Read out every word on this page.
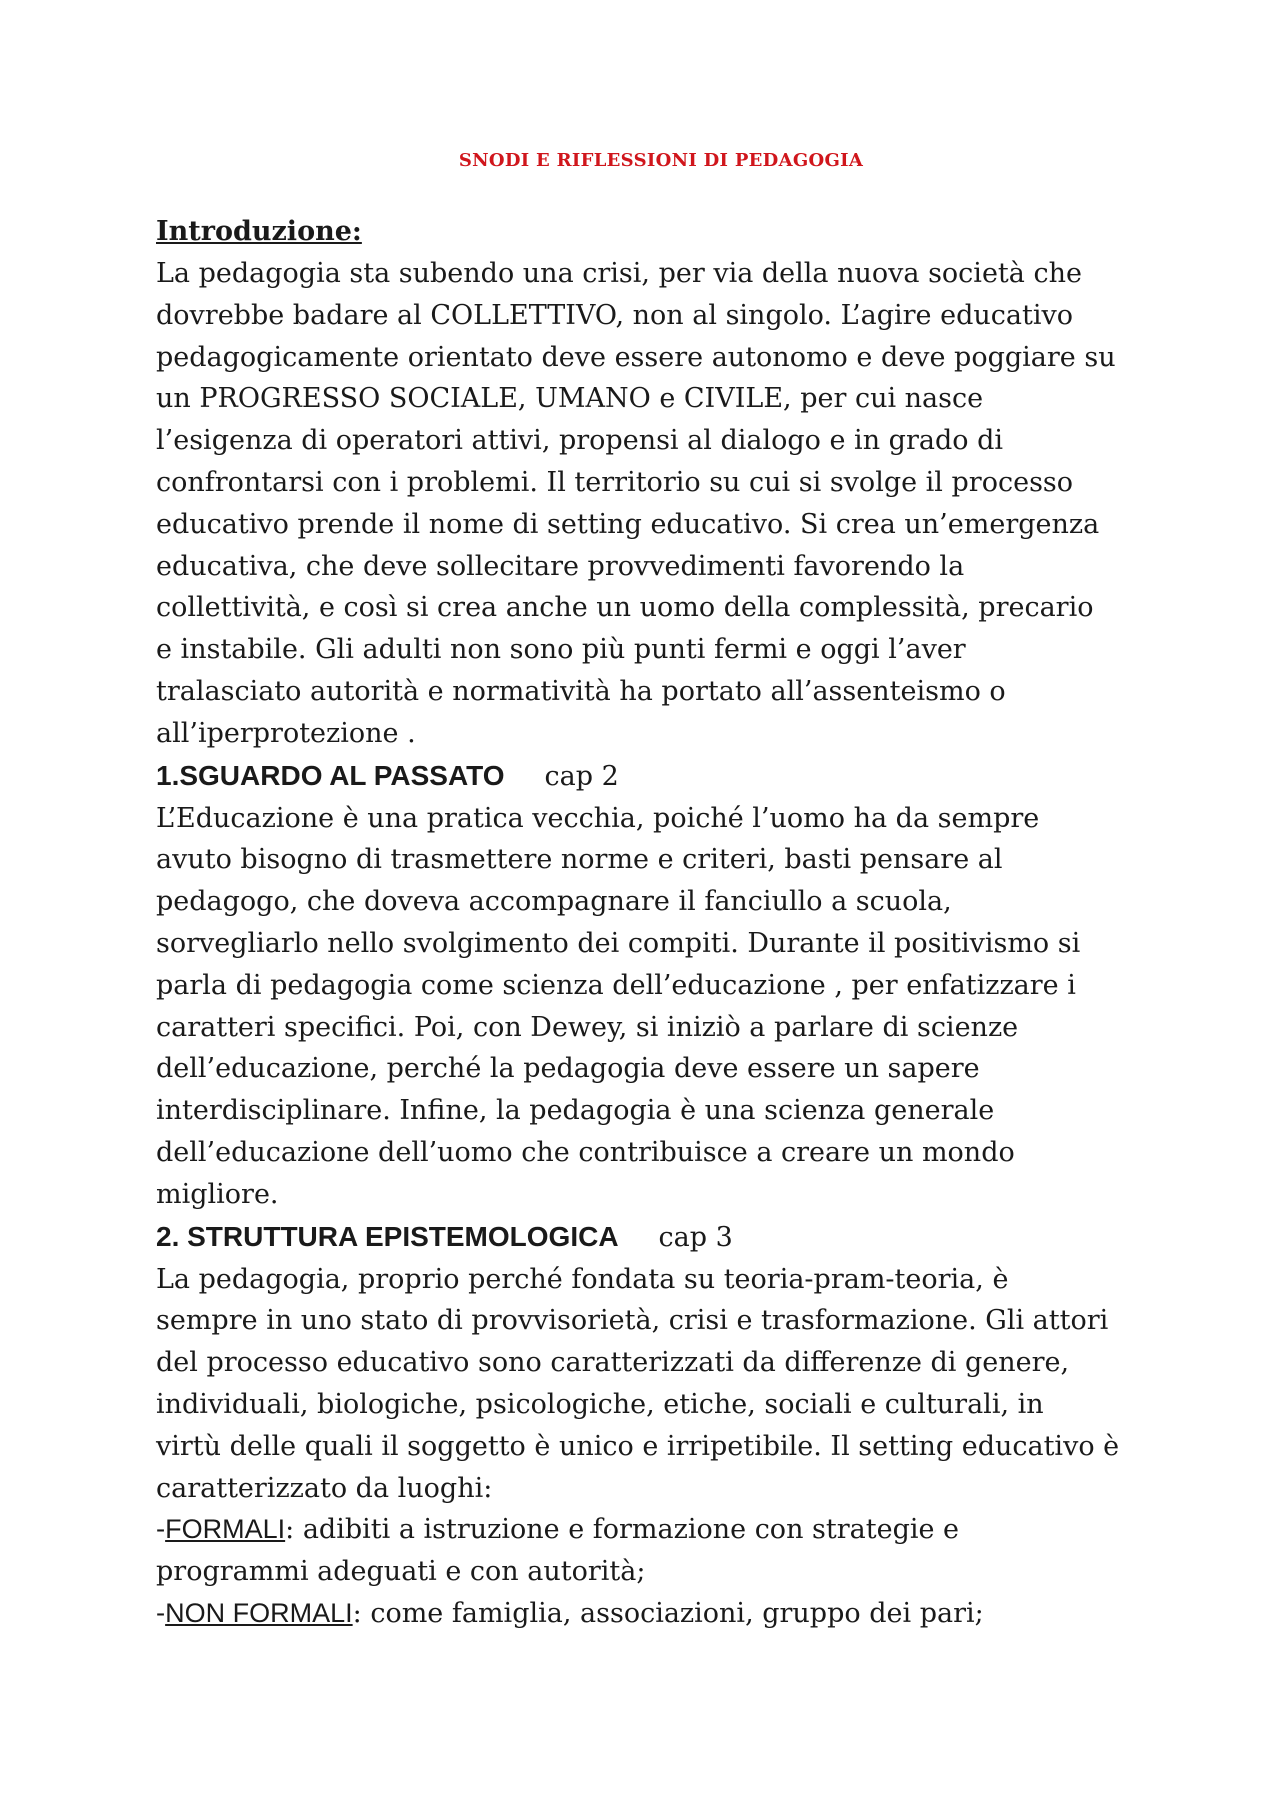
SNODI E RIFLESSIONI DI PEDAGOGIA
Introduzione:

La pedagogia sta subendo una crisi, per via della nuova società che
dovrebbe badare al COLLETTIVO, non al singolo. L’agire educativo
pedagogicamente orientato deve essere autonomo e deve poggiare su
un PROGRESSO SOCIALE, UMANO e CIVILE, per cui nasce
l’esigenza di operatori attivi, propensi al dialogo e in grado di
confrontarsi con i problemi. Il territorio su cui si svolge il processo
educativo prende il nome di setting educativo. Si crea un’emergenza
educativa, che deve sollecitare provvedimenti favorendo la
collettività, e così si crea anche un uomo della complessità, precario
e instabile. Gli adulti non sono più punti fermi e oggi l’aver
tralasciato autorità e normatività ha portato all’assenteismo o
all’iperprotezione .

1.SGUARDO AL PASSATO cap 2

L’Educazione è una pratica vecchia, poiché l’uomo ha da sempre
avuto bisogno di trasmettere norme e criteri, basti pensare al
pedagogo, che doveva accompagnare il fanciullo a scuola,
sorvegliarlo nello svolgimento dei compiti. Durante il positivismo si
parla di pedagogia come scienza dell’educazione , per enfatizzare i
caratteri specifici. Poi, con Dewey, si iniziò a parlare di scienze
dell’educazione, perché la pedagogia deve essere un sapere
interdisciplinare. Infine, la pedagogia è una scienza generale
dell’educazione dell’uomo che contribuisce a creare un mondo
migliore.

2. STRUTTURA EPISTEMOLOGICA cap 3

La pedagogia, proprio perché fondata su teoria-pram-teoria, è
sempre in uno stato di provvisorietà, crisi e trasformazione. Gli attori
del processo educativo sono caratterizzati da differenze di genere,
individuali, biologiche, psicologiche, etiche, sociali e culturali, in
virtù delle quali il soggetto è unico e irripetibile. Il setting educativo è
caratterizzato da luoghi:

-FORMALI: adibiti a istruzione e formazione con strategie e
programmi adeguati e con autorità;
-NON FORMALI: come famiglia, associazioni, gruppo dei pari;
